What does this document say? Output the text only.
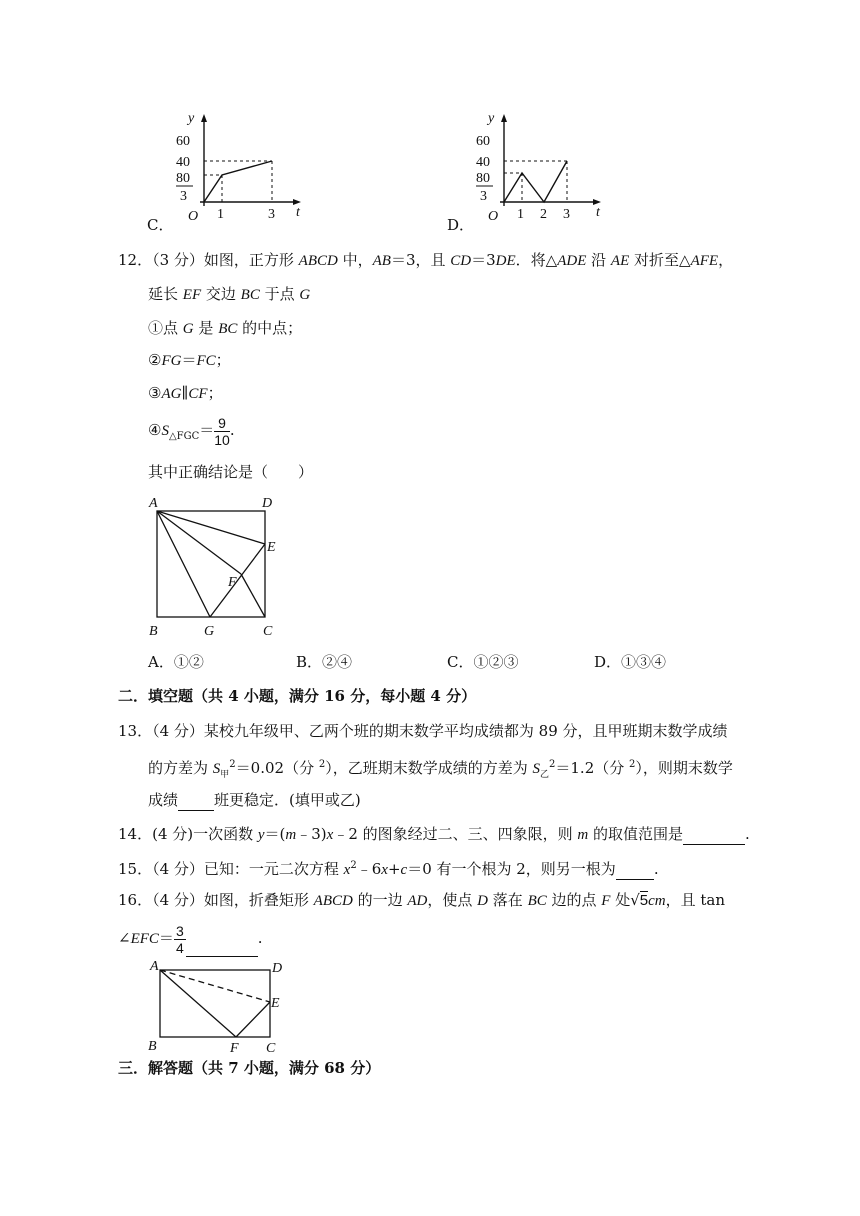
y
t
O
60
40
80
3
1	3
C．
y
t
O
60
40
80
3
1 2 3
D．
12．（3 分）如图，正方形 ABCD 中，AB＝3，且 CD＝3DE．将△ADE 沿 AE 对折至△AFE，
延长 EF 交边 BC 于点 G
①点 G 是 BC 的中点；
②FG＝FC；
③AG∥CF；
$④S_{\triangle FGC}= \frac{9}{10}$ .
其中正确结论是（　　）
A	D
E
F
B	G	C
A．①②	B．②④	C．①②③	D．①③④
二．填空题（共 4 小题，满分 16 分，每小题 4 分）
13．（4 分）某校九年级甲、乙两个班的期末数学平均成绩都为 89 分，且甲班期末数学成绩
的方差为 $S_甲^2=0.02$（分 $^2$），乙班期末数学成绩的方差为 $S_乙^2=1.2$（分 $^2$），则期末数学
成绩 班更稳定．(填甲或乙)
14．(4 分)一次函数 y＝(m﹣3)x﹣2 的图象经过二、三、四象限，则 m 的取值范围是	.
15．（4 分）已知：一元二次方程 $x^2﹣6x+c=0$ 有一个根为 2，则另一根为	.
16．（4 分）如图，折叠矩形 ABCD 的一边 AD，使点 D 落在 BC 边的点 F 处√5cm，且 tan
∠EFC＝ $\frac{3}{4}$	.
A	D
E
B	F C
三．解答题（共 7 小题，满分 68 分）
